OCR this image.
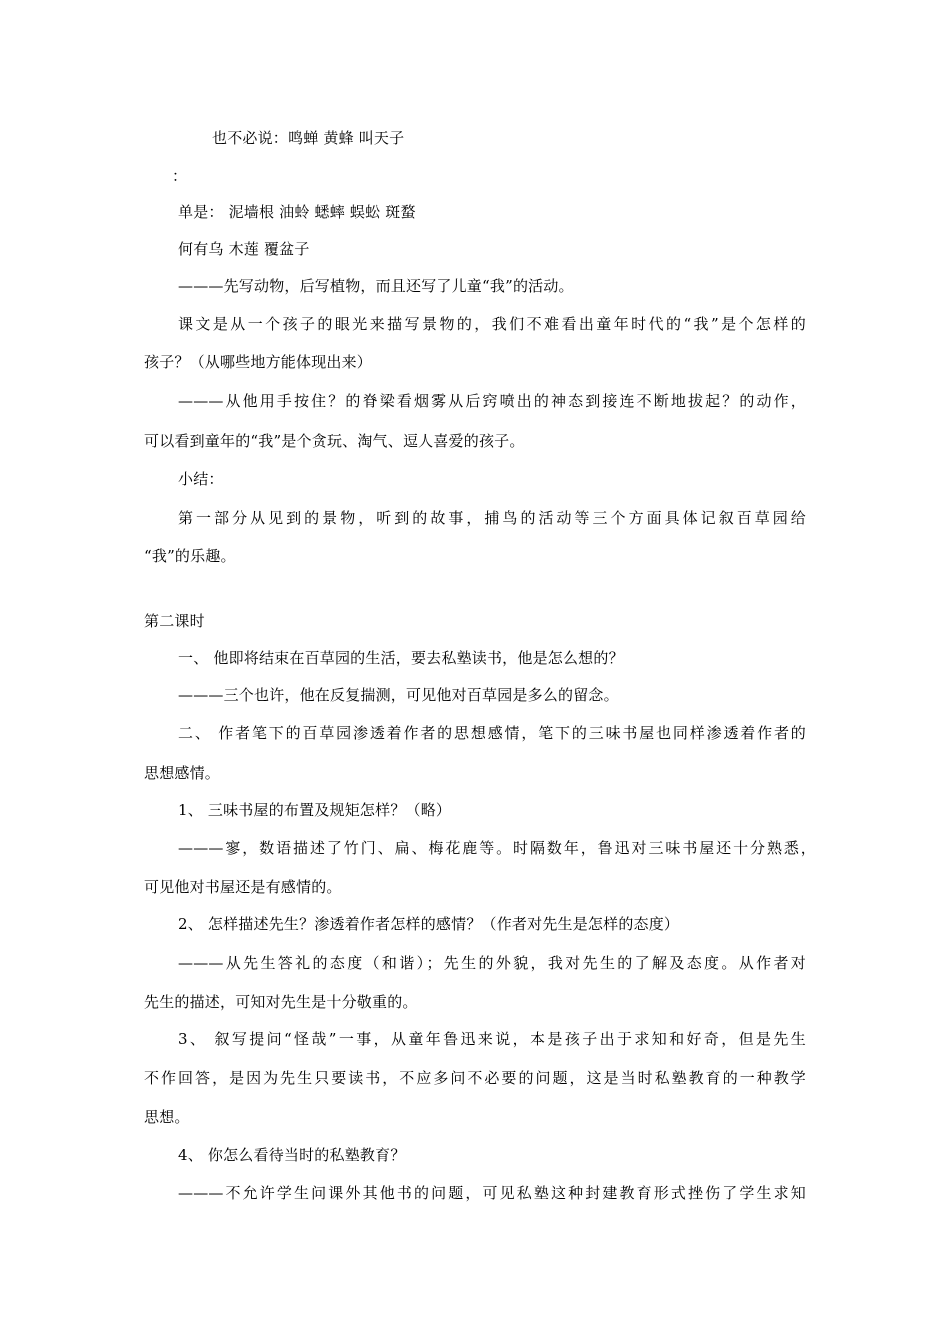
也不必说：鸣蝉 黄蜂 叫天子
：
单是： 泥墙根 油蛉 蟋蟀 蜈蚣 斑蝥
何有乌 木莲 覆盆子
———先写动物，后写植物，而且还写了儿童“我”的活动。
课文是从一个孩子的眼光来描写景物的，我们不难看出童年时代的“我”是个怎样的
孩子？（从哪些地方能体现出来）
———从他用手按住？的脊梁看烟雾从后窍喷出的神态到接连不断地拔起？的动作，
可以看到童年的“我”是个贪玩、淘气、逗人喜爱的孩子。
小结：
第一部分从见到的景物，听到的故事，捕鸟的活动等三个方面具体记叙百草园给
“我”的乐趣。
第二课时
一、 他即将结束在百草园的生活，要去私塾读书，他是怎么想的？
———三个也许，他在反复揣测，可见他对百草园是多么的留念。
二、 作者笔下的百草园渗透着作者的思想感情，笔下的三味书屋也同样渗透着作者的
思想感情。
1、 三味书屋的布置及规矩怎样？（略）
———寥，数语描述了竹门、扁、梅花鹿等。时隔数年，鲁迅对三味书屋还十分熟悉，
可见他对书屋还是有感情的。
2、 怎样描述先生？渗透着作者怎样的感情？（作者对先生是怎样的态度）
———从先生答礼的态度（和谐）；先生的外貌，我对先生的了解及态度。从作者对
先生的描述，可知对先生是十分敬重的。
3、 叙写提问“怪哉”一事，从童年鲁迅来说，本是孩子出于求知和好奇，但是先生
不作回答，是因为先生只要读书，不应多问不必要的问题，这是当时私塾教育的一种教学
思想。
4、 你怎么看待当时的私塾教育？
———不允许学生问课外其他书的问题，可见私塾这种封建教育形式挫伤了学生求知
